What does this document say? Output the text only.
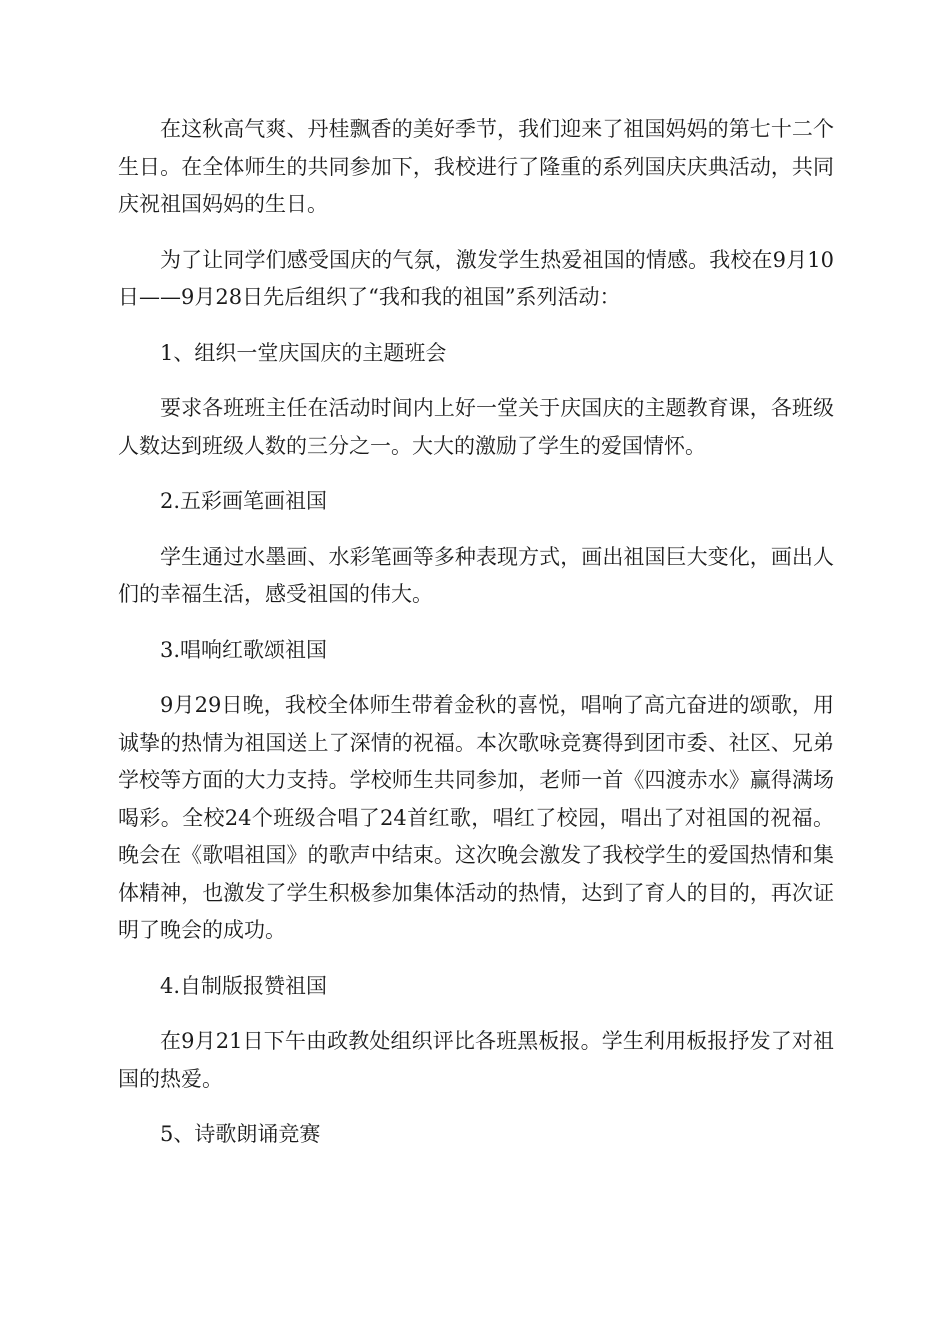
在这秋高气爽、丹桂飘香的美好季节，我们迎来了祖国妈妈的第七十二个生日。在全体师生的共同参加下，我校进行了隆重的系列国庆庆典活动，共同庆祝祖国妈妈的生日。

为了让同学们感受国庆的气氛，激发学生热爱祖国的情感。我校在9月10日——9月28日先后组织了“我和我的祖国”系列活动：

1、组织一堂庆国庆的主题班会

要求各班班主任在活动时间内上好一堂关于庆国庆的主题教育课，各班级人数达到班级人数的三分之一。大大的激励了学生的爱国情怀。

2.五彩画笔画祖国

学生通过水墨画、水彩笔画等多种表现方式，画出祖国巨大变化，画出人们的幸福生活，感受祖国的伟大。

3.唱响红歌颂祖国

9月29日晚，我校全体师生带着金秋的喜悦，唱响了高亢奋进的颂歌，用诚挚的热情为祖国送上了深情的祝福。本次歌咏竞赛得到团市委、社区、兄弟学校等方面的大力支持。学校师生共同参加，老师一首《四渡赤水》赢得满场喝彩。全校24个班级合唱了24首红歌，唱红了校园，唱出了对祖国的祝福。晚会在《歌唱祖国》的歌声中结束。这次晚会激发了我校学生的爱国热情和集体精神，也激发了学生积极参加集体活动的热情，达到了育人的目的，再次证明了晚会的成功。

4.自制版报赞祖国

在9月21日下午由政教处组织评比各班黑板报。学生利用板报抒发了对祖国的热爱。

5、诗歌朗诵竞赛
